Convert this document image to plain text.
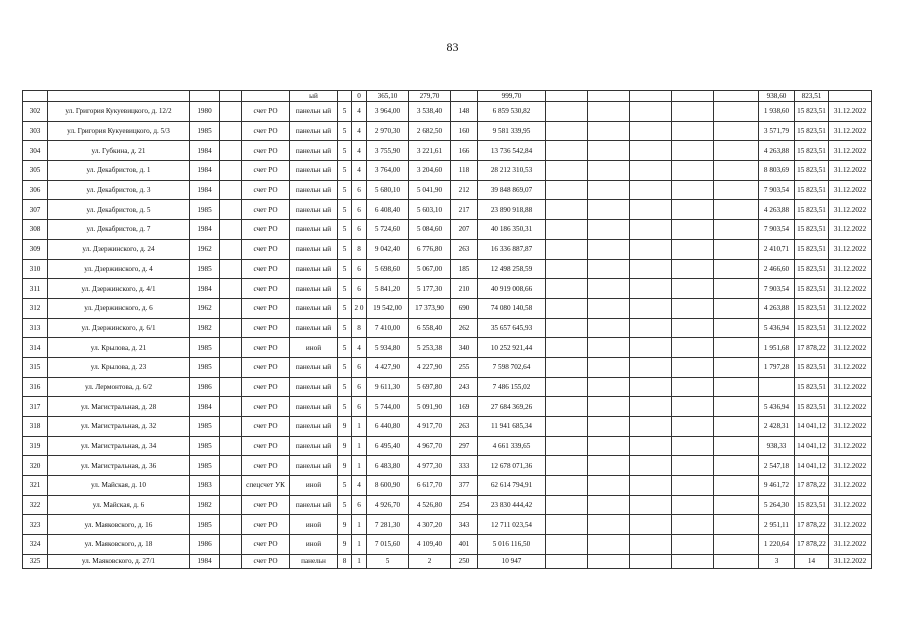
83
					ый		0	365,10	279,70		999,70						938,60	823,51	
302	ул. Григория Кукуевицкого, д. 12/2	1980		счет РО	панельн ый	5	4	3 964,00	3 538,40	148	6 859 530,82						1 938,60	15 823,51	31.12.2022
303	ул. Григория Кукуевицкого, д. 5/3	1985		счет РО	панельн ый	5	4	2 970,30	2 682,50	160	9 581 339,95						3 571,79	15 823,51	31.12.2022
304	ул. Губкина, д. 21	1984		счет РО	панельн ый	5	4	3 755,90	3 221,61	166	13 736 542,84						4 263,88	15 823,51	31.12.2022
305	ул. Декабристов, д. 1	1984		счет РО	панельн ый	5	4	3 764,00	3 204,60	118	28 212 310,53						8 803,69	15 823,51	31.12.2022
306	ул. Декабристов, д. 3	1984		счет РО	панельн ый	5	6	5 680,10	5 041,90	212	39 848 869,07						7 903,54	15 823,51	31.12.2022
307	ул. Декабристов, д. 5	1985		счет РО	панельн ый	5	6	6 408,40	5 603,10	217	23 890 918,88						4 263,88	15 823,51	31.12.2022
308	ул. Декабристов, д. 7	1984		счет РО	панельн ый	5	6	5 724,60	5 084,60	207	40 186 350,31						7 903,54	15 823,51	31.12.2022
309	ул. Дзержинского, д. 24	1962		счет РО	панельн ый	5	8	9 042,40	6 776,80	263	16 336 887,87						2 410,71	15 823,51	31.12.2022
310	ул. Дзержинского, д. 4	1985		счет РО	панельн ый	5	6	5 698,60	5 067,00	185	12 498 258,59						2 466,60	15 823,51	31.12.2022
311	ул. Дзержинского, д. 4/1	1984		счет РО	панельн ый	5	6	5 841,20	5 177,30	210	40 919 008,66						7 903,54	15 823,51	31.12.2022
312	ул. Дзержинского, д. 6	1962		счет РО	панельн ый	5	2 0	19 542,00	17 373,90	690	74 080 140,58						4 263,88	15 823,51	31.12.2022
313	ул. Дзержинского, д. 6/1	1982		счет РО	панельн ый	5	8	7 410,00	6 558,40	262	35 657 645,93						5 436,94	15 823,51	31.12.2022
314	ул. Крылова, д. 21	1985		счет РО	иной	5	4	5 934,80	5 253,38	340	10 252 921,44						1 951,68	17 878,22	31.12.2022
315	ул. Крылова, д. 23	1985		счет РО	панельн ый	5	6	4 427,90	4 227,90	255	7 598 702,64						1 797,28	15 823,51	31.12.2022
316	ул. Лермонтова, д. 6/2	1986		счет РО	панельн ый	5	6	9 611,30	5 697,80	243	7 486 155,02							15 823,51	31.12.2022
317	ул. Магистральная, д. 28	1984		счет РО	панельн ый	5	6	5 744,00	5 091,90	169	27 684 369,26						5 436,94	15 823,51	31.12.2022
318	ул. Магистральная, д. 32	1985		счет РО	панельн ый	9	1	6 440,80	4 917,70	263	11 941 685,34						2 428,31	14 041,12	31.12.2022
319	ул. Магистральная, д. 34	1985		счет РО	панельн ый	9	1	6 495,40	4 967,70	297	4 661 339,65						938,33	14 041,12	31.12.2022
320	ул. Магистральная, д. 36	1985		счет РО	панельн ый	9	1	6 483,80	4 977,30	333	12 678 071,36						2 547,18	14 041,12	31.12.2022
321	ул. Майская, д. 10	1983		спецсчет УК	иной	5	4	8 600,90	6 617,70	377	62 614 794,91						9 461,72	17 878,22	31.12.2022
322	ул. Майская, д. 6	1982		счет РО	панельн ый	5	6	4 926,70	4 526,80	254	23 830 444,42						5 264,30	15 823,51	31.12.2022
323	ул. Маяковского, д. 16	1985		счет РО	иной	9	1	7 281,30	4 307,20	343	12 711 023,54						2 951,11	17 878,22	31.12.2022
324	ул. Маяковского, д. 18	1986		счет РО	иной	9	1	7 015,60	4 109,40	401	5 016 116,50						1 220,64	17 878,22	31.12.2022
325	ул. Маяковского, д. 27/1	1984		счет РО	панельн	8	1	5	2	250	10 947						3	14	31.12.2022
